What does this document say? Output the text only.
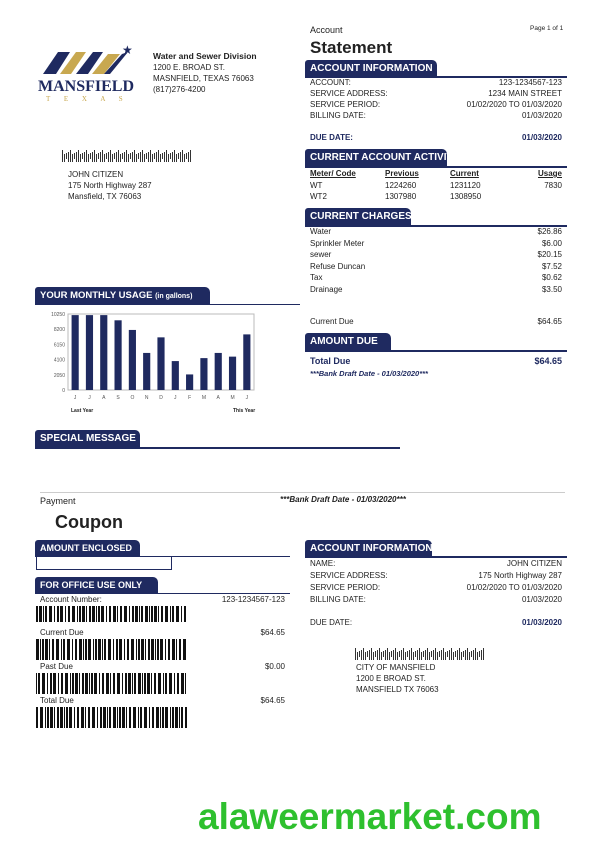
★
MANSFIELD
T E X A S
Water and Sewer Division
1200 E. BROAD ST.
MASNFIELD, TEXAS 76063
(817)276-4200
JOHN CITIZEN
175 North Highway 287
Mansfield, TX 76063
Account	Page 1 of 1
Statement
ACCOUNT INFORMATION
ACCOUNT:	123-1234567-123
SERVICE ADDRESS:	1234 MAIN STREET
SERVICE PERIOD:	01/02/2020 TO 01/03/2020
BILLING DATE:	01/03/2020
DUE DATE:	01/03/2020
CURRENT ACCOUNT ACTIVITY
Meter/ Code	Previous	Current	Usage
WT	1224260	1231120	7830
WT2	1307980	1308950
CURRENT CHARGES
Water	$26.86
Sprinkler Meter	$6.00
sewer	$20.15
Refuse Duncan	$7.52
Tax	$0.62
Drainage	$3.50
Current Due	$64.65
AMOUNT DUE
Total Due	$64.65
***Bank Draft Date - 01/03/2020***
YOUR MONTHLY USAGE (in gallons)
0
2050
4100
6150
8200
10250
J J A S O N D J F M A M J
Last Year	This Year
SPECIAL MESSAGE
Payment	***Bank Draft Date - 01/03/2020***
Coupon
AMOUNT ENCLOSED
FOR OFFICE USE ONLY
Account Number:	123-1234567-123
Current Due	$64.65
Past Due	$0.00
Total Due	$64.65
ACCOUNT INFORMATION
NAME:	JOHN CITIZEN
SERVICE ADDRESS:	175 North Highway 287
SERVICE PERIOD:	01/02/2020 TO 01/03/2020
BILLING DATE:	01/03/2020
DUE DATE:	01/03/2020
CITY OF MANSFIELD
1200 E BROAD ST.
MANSFIELD TX 76063
alaweermarket.com
